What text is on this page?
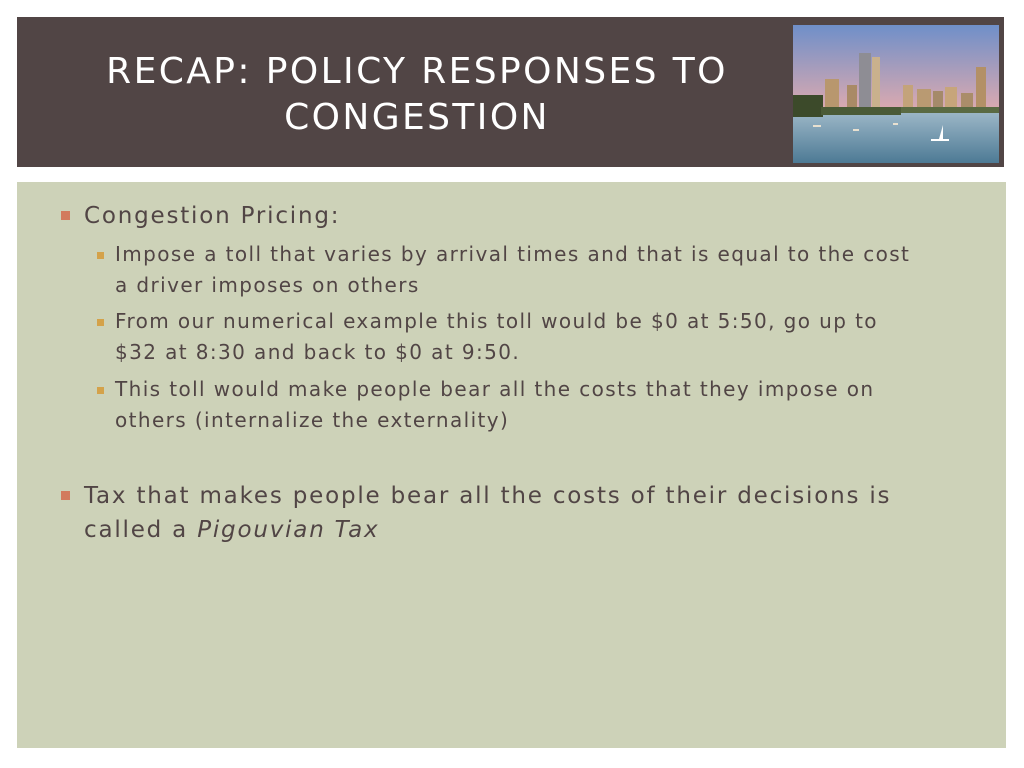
RECAP: POLICY RESPONSES TO CONGESTION
Congestion Pricing:
Impose a toll that varies by arrival times and that is equal to the cost
a driver imposes on others
From our numerical example this toll would be $0 at 5:50, go up to
$32 at 8:30 and back to $0 at 9:50.
This toll would make people bear all the costs that they impose on
others (internalize the externality)
Tax that makes people bear all the costs of their decisions is
called a Pigouvian Tax
